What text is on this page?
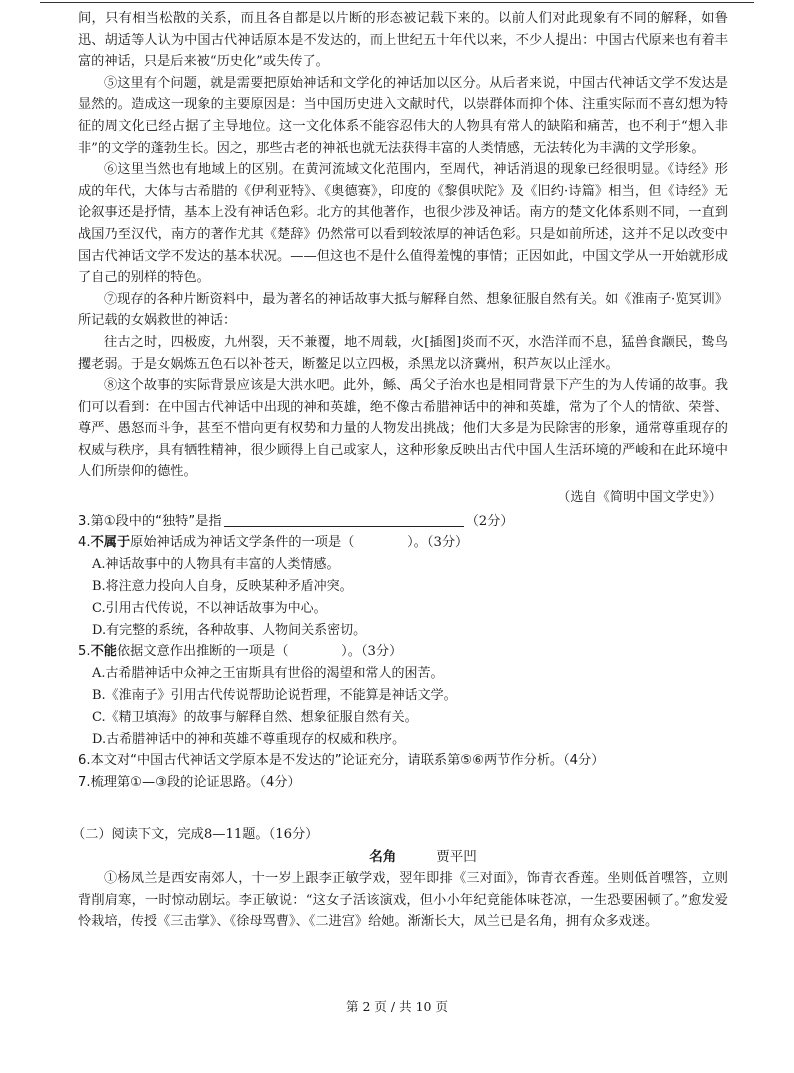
间，只有相当松散的关系，而且各自都是以片断的形态被记载下来的。以前人们对此现象有不同的解释，如鲁迅、胡适等人认为中国古代神话原本是不发达的，而上世纪五十年代以来，不少人提出：中国古代原来也有着丰富的神话，只是后来被“历史化”或失传了。

⑤这里有个问题，就是需要把原始神话和文学化的神话加以区分。从后者来说，中国古代神话文学不发达是显然的。造成这一现象的主要原因是：当中国历史进入文献时代，以崇群体而抑个体、注重实际而不喜幻想为特征的周文化已经占据了主导地位。这一文化体系不能容忍伟大的人物具有常人的缺陷和痛苦，也不利于“想入非非”的文学的蓬勃生长。因之，那些古老的神祇也就无法获得丰富的人类情感，无法转化为丰满的文学形象。

⑥这里当然也有地域上的区别。在黄河流域文化范围内，至周代，神话消退的现象已经很明显。《诗经》形成的年代，大体与古希腊的《伊利亚特》、《奥德赛》，印度的《黎俱吠陀》及《旧约·诗篇》相当，但《诗经》无论叙事还是抒情，基本上没有神话色彩。北方的其他著作，也很少涉及神话。南方的楚文化体系则不同，一直到战国乃至汉代，南方的著作尤其《楚辞》仍然常可以看到较浓厚的神话色彩。只是如前所述，这并不足以改变中国古代神话文学不发达的基本状况。——但这也不是什么值得羞愧的事情；正因如此，中国文学从一开始就形成了自己的别样的特色。

⑦现存的各种片断资料中，最为著名的神话故事大抵与解释自然、想象征服自然有关。如《淮南子·览冥训》所记载的女娲救世的神话：

往古之时，四极废，九州裂，天不兼覆，地不周载，火[插图]炎而不灭，水浩洋而不息，猛兽食颛民，鸷鸟攫老弱。于是女娲炼五色石以补苍天，断鳌足以立四极，杀黑龙以济冀州，积芦灰以止淫水。

⑧这个故事的实际背景应该是大洪水吧。此外，鲧、禹父子治水也是相同背景下产生的为人传诵的故事。我们可以看到：在中国古代神话中出现的神和英雄，绝不像古希腊神话中的神和英雄，常为了个人的情欲、荣誉、尊严、愚怒而斗争，甚至不惜向更有权势和力量的人物发出挑战；他们大多是为民除害的形象，通常尊重现存的权威与秩序，具有牺牲精神，很少顾得上自己或家人，这种形象反映出古代中国人生活环境的严峻和在此环境中人们所崇仰的德性。

（选自《简明中国文学史》）

3.第①段中的“独特”是指	（2分）

4.不属于原始神话成为神话文学条件的一项是（　　　　）。（3分）

A.神话故事中的人物具有丰富的人类情感。

B.将注意力投向人自身，反映某种矛盾冲突。

C.引用古代传说，不以神话故事为中心。

D.有完整的系统，各种故事、人物间关系密切。

5.不能依据文意作出推断的一项是（　　　　）。（3分）

A.古希腊神话中众神之王宙斯具有世俗的渴望和常人的困苦。

B.《淮南子》引用古代传说帮助论说哲理，不能算是神话文学。

C.《精卫填海》的故事与解释自然、想象征服自然有关。

D.古希腊神话中的神和英雄不尊重现存的权威和秩序。

6.本文对“中国古代神话文学原本是不发达的”论证充分，请联系第⑤⑥两节作分析。（4分）

7.梳理第①—③段的论证思路。（4分）

（二）阅读下文，完成8—11题。（16分）

名角	贾平凹

①杨凤兰是西安南郊人，十一岁上跟李正敏学戏，翌年即排《三对面》，饰青衣香莲。坐则低首嘿答，立则背削肩寒，一时惊动剧坛。李正敏说：“这女子活该演戏，但小小年纪竟能体味苍凉，一生恐要困顿了。”愈发爱怜栽培，传授《三击掌》、《徐母骂曹》、《二进宫》给她。渐渐长大，凤兰已是名角，拥有众多戏迷。

第 2 页 / 共 10 页
